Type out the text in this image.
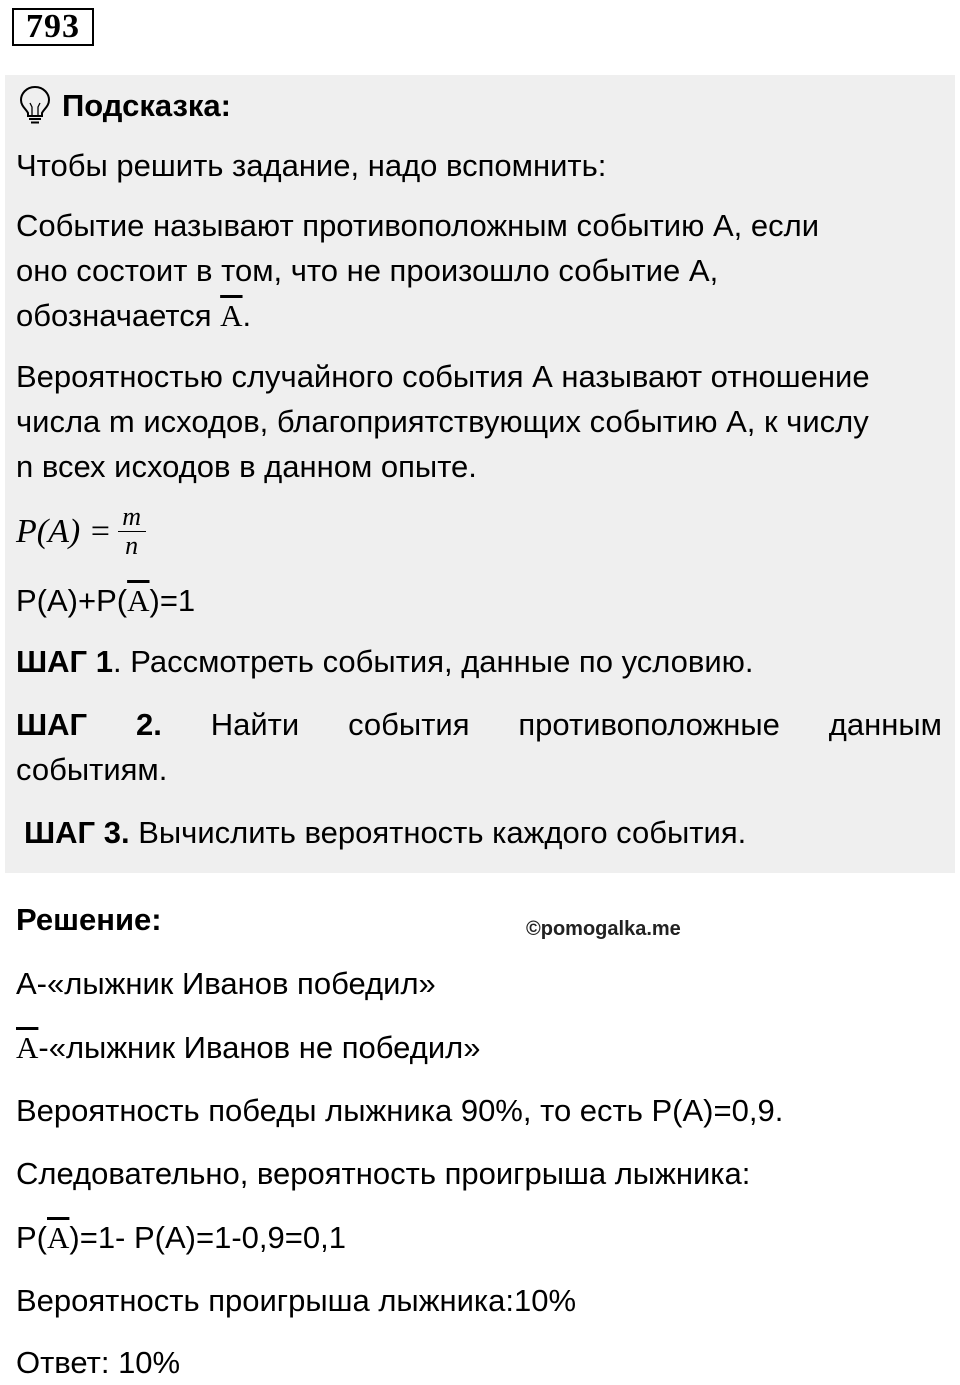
793
Подсказка:
Чтобы решить задание, надо вспомнить:
Событие называют противоположным событию А, если
оно состоит в том, что не произошло событие А,
обозначается $\overline{A}$.
Вероятностью случайного события А называют отношение
числа m исходов, благоприятствующих событию А, к числу
n всех исходов в данном опыте.
$P(A) = \frac{m}{n}$
$P(A)+P(\overline{A})=1$
ШАГ 1. Рассмотреть события, данные по условию.
ШАГ 2. Найти события противоположные данным
событиям.
ШАГ 3. Вычислить вероятность каждого события.
Решение:	©pomogalka.me
А-«лыжник Иванов победил»
$\overline{A}-«лыжник$ Иванов не победил»
Вероятность победы лыжника 90%, то есть Р(А)=0,9.
Следовательно, вероятность проигрыша лыжника:
$P(\overline{A})=1-$ P(A)=1-0,9=0,1
Вероятность проигрыша лыжника:10%
Ответ: 10%
